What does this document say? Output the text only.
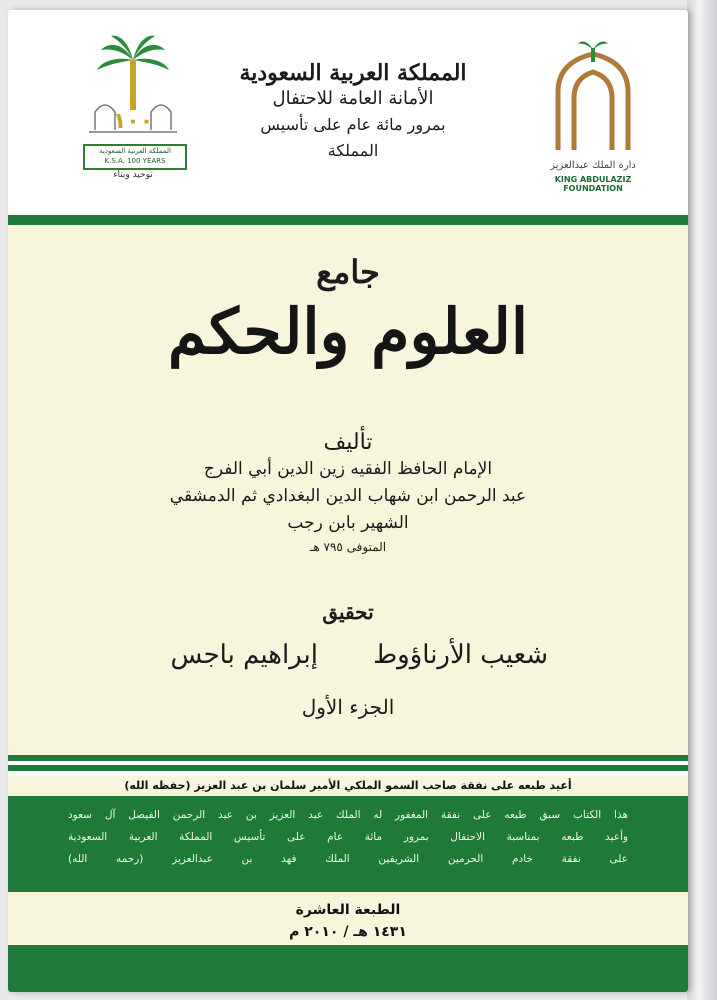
١٠٠
المملكة العربية السعودية
K.S.A. 100 YEARS
توحيد وبناء
المملكة العربية السعودية
الأمانة العامة للاحتفال
بمرور مائة عام على تأسيس المملكة
دارة الملك عبدالعزيز
KING ABDULAZIZ FOUNDATION
جامع
العلوم والحكم
تأليف
الإمام الحافظ الفقيه زين الدين أبي الفرج
عبد الرحمن ابن شهاب الدين البغدادي ثم الدمشقي
الشهير بابن رجب
المتوفى ٧٩٥ هـ
تحقيق
شعيب الأرناؤوط
إبراهيم باجس
الجزء الأول
أعيد طبعه على نفقة صاحب السمو الملكي الأمير سلمان بن عبد العزيز (حفظه الله)
هذا الكتاب سبق طبعه على نفقة المغفور له الملك عبد العزيز بن عبد الرحمن الفيصل آل سعود
وأعيد طبعه بمناسبة الاحتفال بمرور مائة عام على تأسيس المملكة العربية السعودية
على نفقة خادم الحرمين الشريفين الملك فهد بن عبدالعزيز (رحمه الله)
الطبعة العاشرة
١٤٣١ هـ / ٢٠١٠ م
